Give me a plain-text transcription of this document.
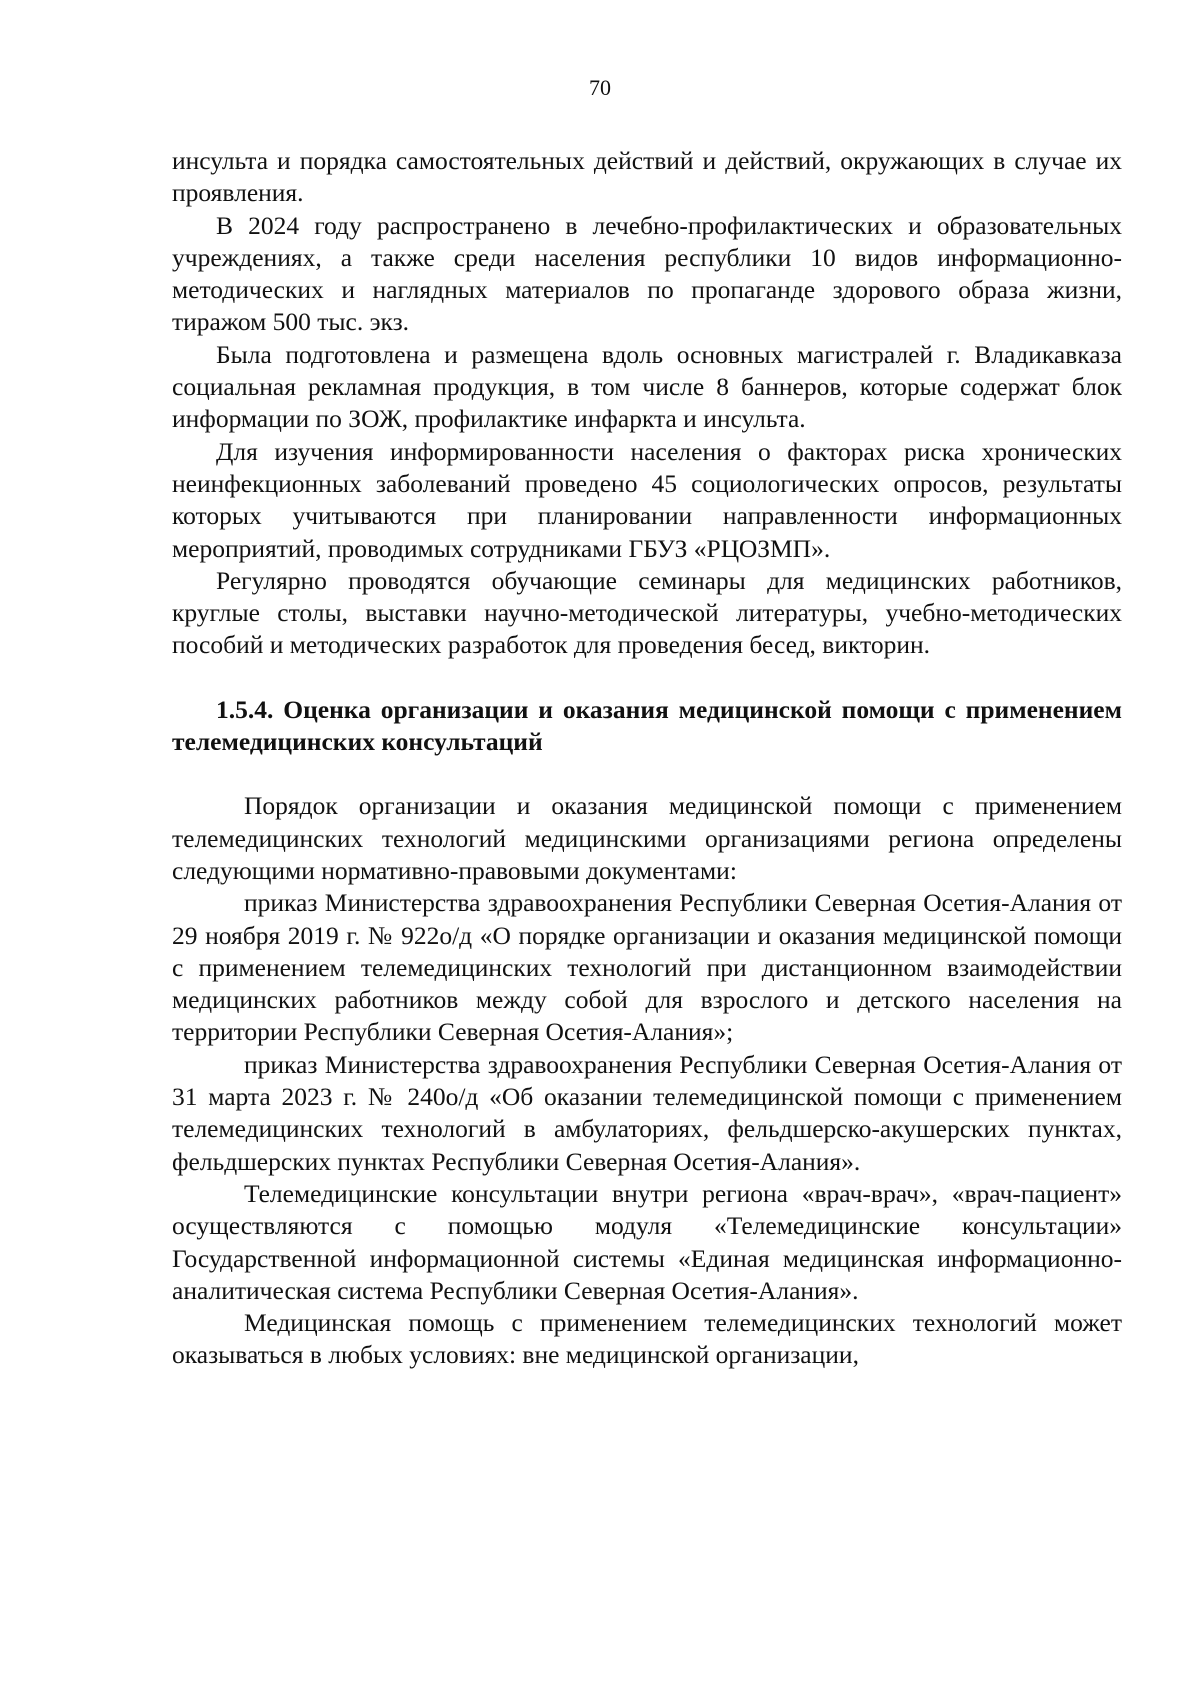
70

инсульта и порядка самостоятельных действий и действий, окружающих в случае их проявления.

В 2024 году распространено в лечебно-профилактических и образовательных учреждениях, а также среди населения республики 10 видов информационно-методических и наглядных материалов по пропаганде здорового образа жизни, тиражом 500 тыс. экз.

Была подготовлена и размещена вдоль основных магистралей г. Владикавказа социальная рекламная продукция, в том числе 8 баннеров, которые содержат блок информации по ЗОЖ, профилактике инфаркта и инсульта.

Для изучения информированности населения о факторах риска хронических неинфекционных заболеваний проведено 45 социологических опросов, результаты которых учитываются при планировании направленности информационных мероприятий, проводимых сотрудниками ГБУЗ «РЦОЗМП».

Регулярно проводятся обучающие семинары для медицинских работников, круглые столы, выставки научно-методической литературы, учебно-методических пособий и методических разработок для проведения бесед, викторин.

1.5.4. Оценка организации и оказания медицинской помощи с применением телемедицинских консультаций

Порядок организации и оказания медицинской помощи с применением телемедицинских технологий медицинскими организациями региона определены следующими нормативно-правовыми документами:

приказ Министерства здравоохранения Республики Северная Осетия-Алания от 29 ноября 2019 г. № 922о/д «О порядке организации и оказания медицинской помощи с применением телемедицинских технологий при дистанционном взаимодействии медицинских работников между собой для взрослого и детского населения на территории Республики Северная Осетия-Алания»;

приказ Министерства здравоохранения Республики Северная Осетия-Алания от 31 марта 2023 г. № 240о/д «Об оказании телемедицинской помощи с применением телемедицинских технологий в амбулаториях, фельдшерско-акушерских пунктах, фельдшерских пунктах Республики Северная Осетия-Алания».

Телемедицинские консультации внутри региона «врач-врач», «врач-пациент» осуществляются с помощью модуля «Телемедицинские консультации» Государственной информационной системы «Единая медицинская информационно-аналитическая система Республики Северная Осетия-Алания».

Медицинская помощь с применением телемедицинских технологий может оказываться в любых условиях: вне медицинской организации,
